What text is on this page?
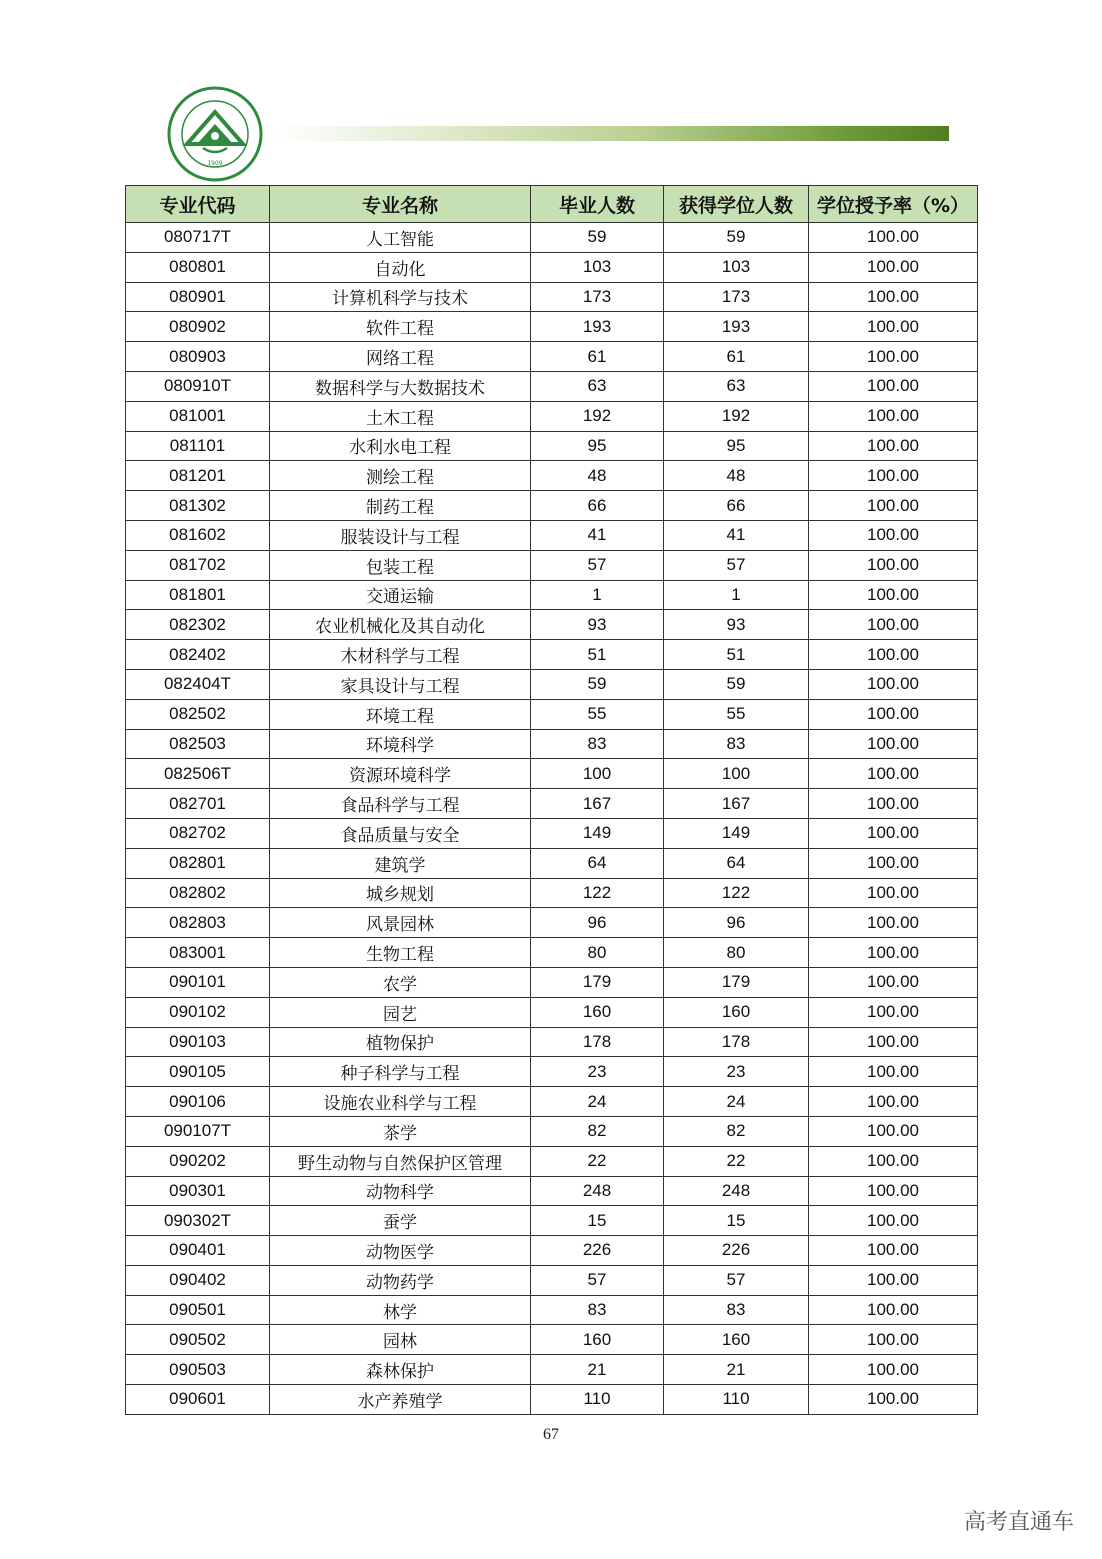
1909
专业代码	专业名称	毕业人数	获得学位人数	学位授予率（%）
080717T	人工智能	59	59	100.00
080801	自动化	103	103	100.00
080901	计算机科学与技术	173	173	100.00
080902	软件工程	193	193	100.00
080903	网络工程	61	61	100.00
080910T	数据科学与大数据技术	63	63	100.00
081001	土木工程	192	192	100.00
081101	水利水电工程	95	95	100.00
081201	测绘工程	48	48	100.00
081302	制药工程	66	66	100.00
081602	服装设计与工程	41	41	100.00
081702	包装工程	57	57	100.00
081801	交通运输	1	1	100.00
082302	农业机械化及其自动化	93	93	100.00
082402	木材科学与工程	51	51	100.00
082404T	家具设计与工程	59	59	100.00
082502	环境工程	55	55	100.00
082503	环境科学	83	83	100.00
082506T	资源环境科学	100	100	100.00
082701	食品科学与工程	167	167	100.00
082702	食品质量与安全	149	149	100.00
082801	建筑学	64	64	100.00
082802	城乡规划	122	122	100.00
082803	风景园林	96	96	100.00
083001	生物工程	80	80	100.00
090101	农学	179	179	100.00
090102	园艺	160	160	100.00
090103	植物保护	178	178	100.00
090105	种子科学与工程	23	23	100.00
090106	设施农业科学与工程	24	24	100.00
090107T	茶学	82	82	100.00
090202	野生动物与自然保护区管理	22	22	100.00
090301	动物科学	248	248	100.00
090302T	蚕学	15	15	100.00
090401	动物医学	226	226	100.00
090402	动物药学	57	57	100.00
090501	林学	83	83	100.00
090502	园林	160	160	100.00
090503	森林保护	21	21	100.00
090601	水产养殖学	110	110	100.00
67
高考直通车
